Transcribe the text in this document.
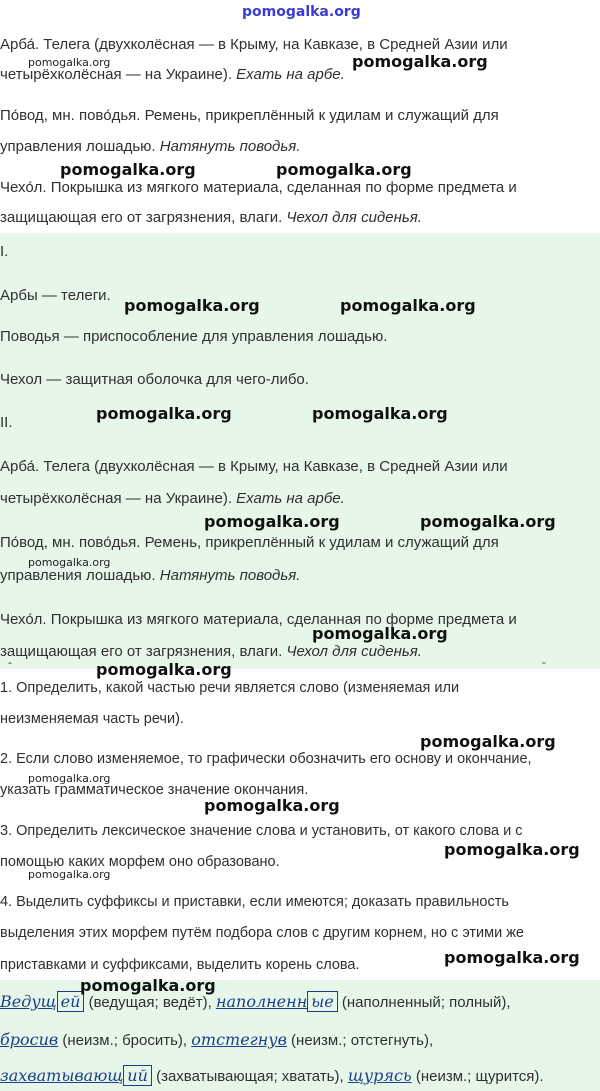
pomogalka.org
Арба́. Телега (двухколёсная — в Крыму, на Кавказе, в Средней Азии или
четырёхколёсная — на Украине). Ехать на арбе.
По́вод, мн. пово́дья. Ремень, прикреплённый к удилам и служащий для
управления лошадью. Натянуть поводья.
Чехо́л. Покрышка из мягкого материала, сделанная по форме предмета и
защищающая его от загрязнения, влаги. Чехол для сиденья.
I.
Арбы — телеги.
Поводья — приспособление для управления лошадью.
Чехол — защитная оболочка для чего-либо.
II.
Арба́. Телега (двухколёсная — в Крыму, на Кавказе, в Средней Азии или
четырёхколёсная — на Украине). Ехать на арбе.
По́вод, мн. пово́дья. Ремень, прикреплённый к удилам и служащий для
управления лошадью. Натянуть поводья.
Чехо́л. Покрышка из мягкого материала, сделанная по форме предмета и
защищающая его от загрязнения, влаги. Чехол для сиденья.
ˆ	ˆ
1. Определить, какой частью речи является слово (изменяемая или
неизменяемая часть речи).
2. Если слово изменяемое, то графически обозначить его основу и окончание,
указать грамматическое значение окончания.
3. Определить лексическое значение слова и установить, от какого слова и с
помощью каких морфем оно образовано.
4. Выделить суффиксы и приставки, если имеются; доказать правильность
выделения этих морфем путём подбора слов с другим корнем, но с этими же
приставками и суффиксами, выделить корень слова.
Ведущ ей (ведущая; ведёт), наполненн ые (наполненный; полный),
бросив (неизм.; бросить), отстегнув (неизм.; отстегнуть),
захватывающ ий (захватывающая; хватать), щурясь (неизм.; щурится).
pomogalka.org	pomogalka.org
pomogalka.org	pomogalka.org
pomogalka.org	pomogalka.org
pomogalka.org	pomogalka.org
pomogalka.org	pomogalka.org
pomogalka.org
pomogalka.org
pomogalka.org
pomogalka.org
pomogalka.org
pomogalka.org
pomogalka.org
pomogalka.org
pomogalka.org
pomogalka.org
